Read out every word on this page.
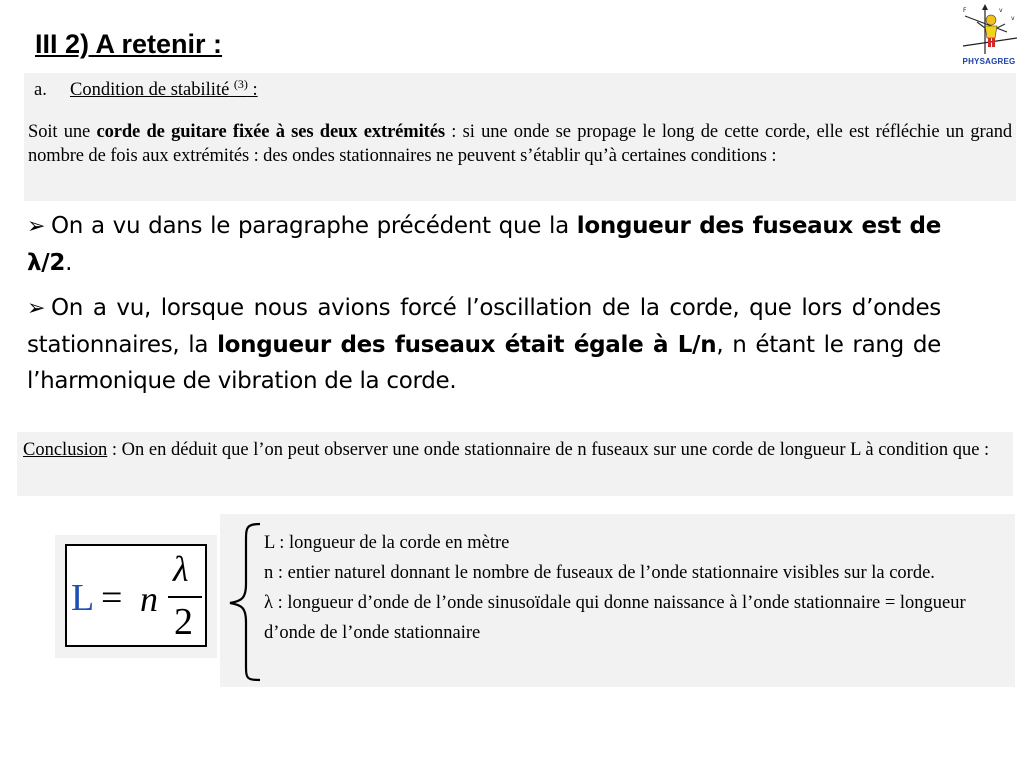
III 2) A retenir :
F	v
v
PHYSAGREG
a. Condition de stabilité $^{(3)}$ :
Soit une corde de guitare fixée à ses deux extrémités : si une onde se propage le long de cette corde, elle est réfléchie un grand nombre de fois aux extrémités : des ondes stationnaires ne peuvent s’établir qu’à certaines conditions :

➢ On a vu dans le paragraphe précédent que la longueur des fuseaux est de λ/2.

➢ On a vu, lorsque nous avions forcé l’oscillation de la corde, que lors d’ondes stationnaires, la longueur des fuseaux était égale à L/n, n étant le rang de l’harmonique de vibration de la corde.

Conclusion : On en déduit que l’on peut observer une onde stationnaire de n fuseaux sur une corde de longueur L à condition que :
L = n
λ
2

L : longueur de la corde en mètre

n : entier naturel donnant le nombre de fuseaux de l’onde stationnaire visibles sur la corde.

λ : longueur d’onde de l’onde sinusoïdale qui donne naissance à l’onde stationnaire = longueur d’onde de l’onde stationnaire
